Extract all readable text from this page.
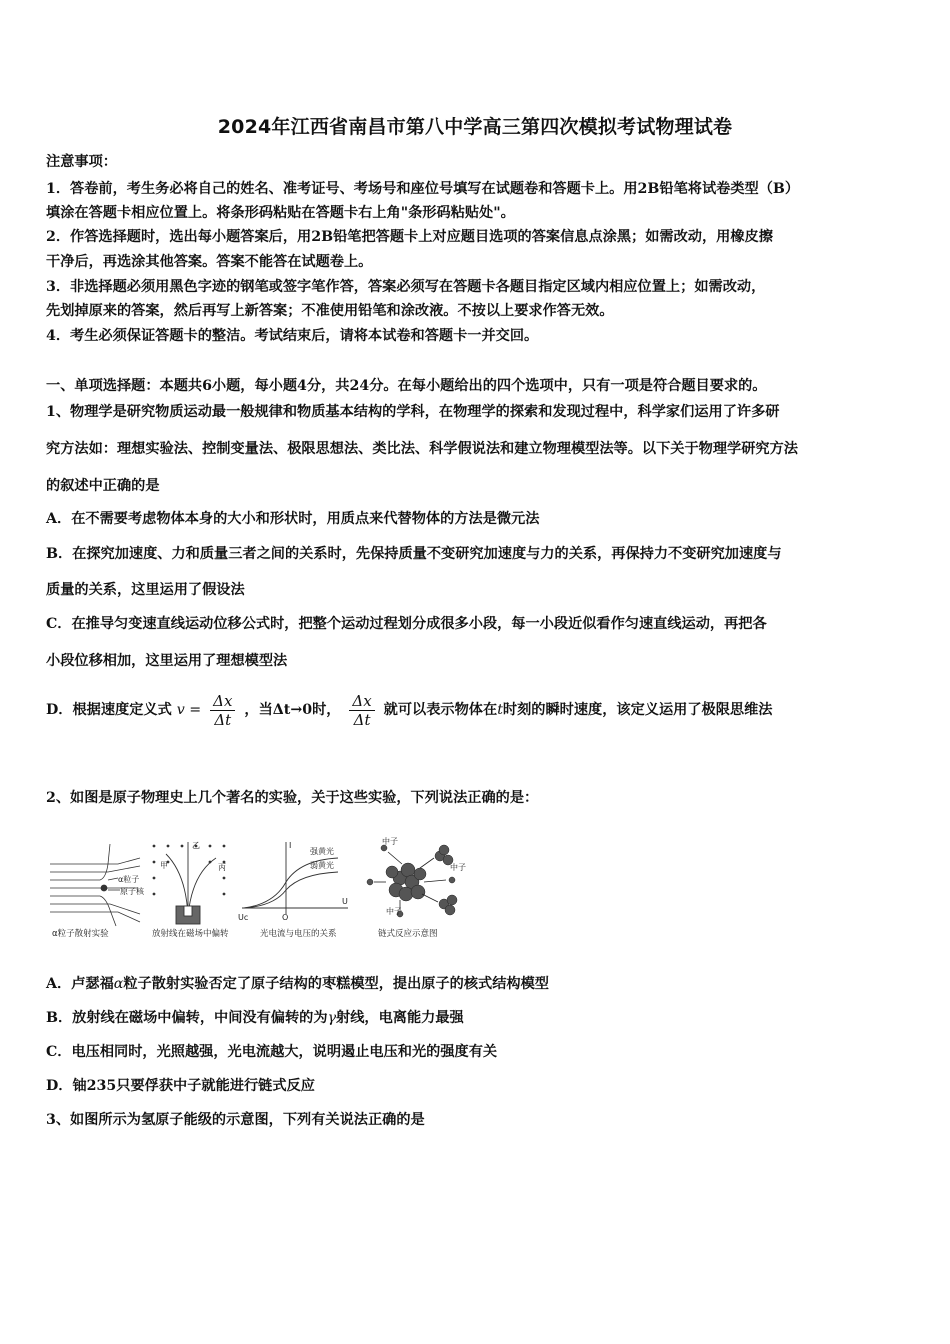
2024年江西省南昌市第八中学高三第四次模拟考试物理试卷
注意事项：
1．答卷前，考生务必将自己的姓名、准考证号、考场号和座位号填写在试题卷和答题卡上。用2B铅笔将试卷类型（B）
填涂在答题卡相应位置上。将条形码粘贴在答题卡右上角"条形码粘贴处"。
2．作答选择题时，选出每小题答案后，用2B铅笔把答题卡上对应题目选项的答案信息点涂黑；如需改动，用橡皮擦
干净后，再选涂其他答案。答案不能答在试题卷上。
3．非选择题必须用黑色字迹的钢笔或签字笔作答，答案必须写在答题卡各题目指定区域内相应位置上；如需改动，
先划掉原来的答案，然后再写上新答案；不准使用铅笔和涂改液。不按以上要求作答无效。
4．考生必须保证答题卡的整洁。考试结束后，请将本试卷和答题卡一并交回。
一、单项选择题：本题共6小题，每小题4分，共24分。在每小题给出的四个选项中，只有一项是符合题目要求的。
1、物理学是研究物质运动最一般规律和物质基本结构的学科，在物理学的探索和发现过程中，科学家们运用了许多研
究方法如：理想实验法、控制变量法、极限思想法、类比法、科学假说法和建立物理模型法等。以下关于物理学研究方法
的叙述中正确的是
A．在不需要考虑物体本身的大小和形状时，用质点来代替物体的方法是微元法
B．在探究加速度、力和质量三者之间的关系时，先保持质量不变研究加速度与力的关系，再保持力不变研究加速度与
质量的关系，这里运用了假设法
C．在推导匀变速直线运动位移公式时，把整个运动过程划分成很多小段，每一小段近似看作匀速直线运动，再把各
小段位移相加，这里运用了理想模型法
D．根据速度定义式 $v = \frac{\Delta x}{\Delta t}$ ，当Δt→0时， $\frac{\Delta x}{\Delta t}$ 就可以表示物体在t时刻的瞬时速度，该定义运用了极限思维法
2、如图是原子物理史上几个著名的实验，关于这些实验，下列说法正确的是：
α粒子
原子核
甲
乙
丙
I
U
Uc	O
强黄光
弱黄光
中子
中子
中子
α粒子散射实验	放射线在磁场中偏转	光电流与电压的关系	链式反应示意图
A．卢瑟福α粒子散射实验否定了原子结构的枣糕模型，提出原子的核式结构模型
B．放射线在磁场中偏转，中间没有偏转的为γ射线，电离能力最强
C．电压相同时，光照越强，光电流越大，说明遏止电压和光的强度有关
D．铀235只要俘获中子就能进行链式反应
3、如图所示为氢原子能级的示意图，下列有关说法正确的是
